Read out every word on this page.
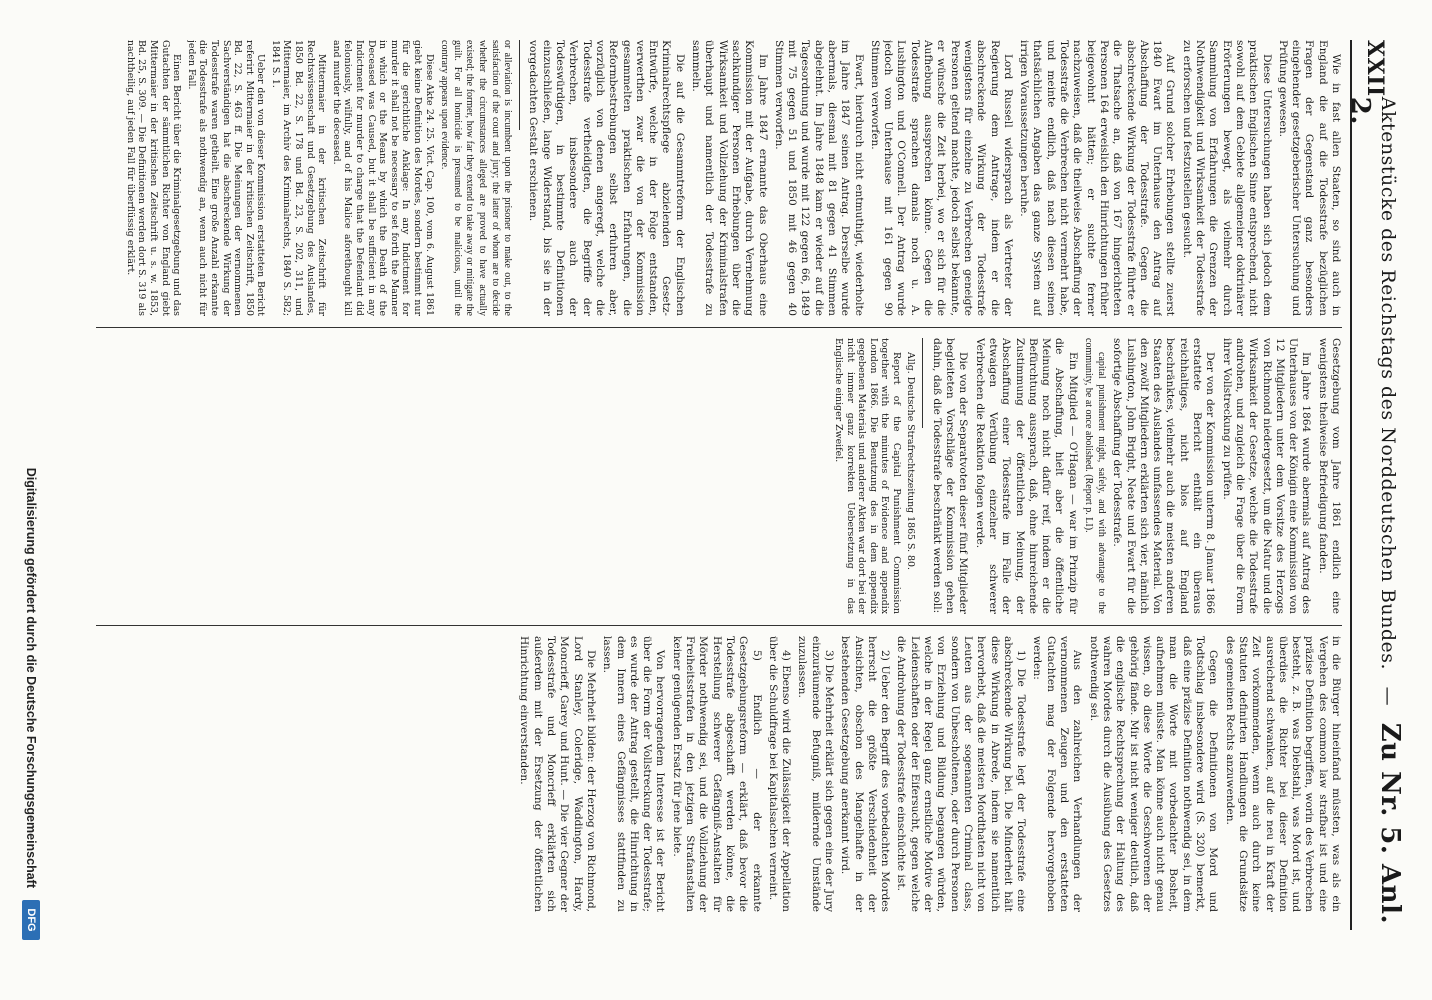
XXII
Aktenstücke des Reichstags des Norddeutschen Bundes. — Zu Nr. 5. Anl. 2.

Wie in fast allen Staaten, so sind auch in England die auf die Todesstrafe bezüglichen Fragen der Gegenstand ganz besonders eingehender gesetzgeberischer Untersuchung und Prüfung gewesen.

Diese Untersuchungen haben sich jedoch dem praktischen Englischen Sinne entsprechend, nicht sowohl auf dem Gebiete allgemeiner doktrinärer Erörterungen bewegt, als vielmehr durch Sammlung von Erfahrungen die Grenzen der Nothwendigkeit und Wirksamkeit der Todesstrafe zu erforschen und festzustellen gesucht.

Auf Grund solcher Erhebungen stellte zuerst 1840 Ewart im Unterhause den Antrag auf Abschaffung der Todesstrafe. Gegen die abschreckende Wirkung der Todesstrafe führte er die Thatsache an, daß von 167 hingerichteten Personen 164 erweislich den Hinrichtungen früher beigewohnt hätten; er suchte ferner nachzuweisen, daß die theilweise Abschaffung der Todesstrafe die Verbrechen nicht vermehrt habe, und meinte endlich, daß nach diesen seinen thatsächlichen Angaben das ganze System auf irrigen Voraussetzungen beruhe.

Lord Russell widersprach als Vertreter der Regierung dem Antrage, indem er die abschreckende Wirkung der Todesstrafe wenigstens für einzelne zu Verbrechen geneigte Personen geltend machte, jedoch selbst bekannte, er wünsche die Zeit herbei, wo er sich für die Aufhebung aussprechen könne. Gegen die Todesstrafe sprachen damals noch u. A. Lushington und O'Connell. Der Antrag wurde jedoch vom Unterhause mit 161 gegen 90 Stimmen verworfen.

Ewart, hierdurch nicht entmuthigt, wiederholte im Jahre 1847 seinen Antrag. Derselbe wurde abermals, diesmal mit 81 gegen 41 Stimmen abgelehnt. Im Jahre 1848 kam er wieder auf die Tagesordnung und wurde mit 122 gegen 66, 1849 mit 75 gegen 51 und 1850 mit 46 gegen 40 Stimmen verworfen.

Im Jahre 1847 ernannte das Oberhaus eine Kommission mit der Aufgabe, durch Vernehmung sachkundiger Personen Erhebungen über die Wirksamkeit und Vollziehung der Kriminalstrafen überhaupt und namentlich der Todesstrafe zu sammeln.

Die auf die Gesammtreform der Englischen Kriminalrechtspflege abzielenden Gesetz-Entwürfe, welche in der Folge entstanden, verwerthen zwar die von der Kommission gesammelten praktischen Erfahrungen, die Reformbestrebungen selbst erfuhren aber, vorzüglich von denen angeregt, welche die Todesstrafe vertheidigten, die Begriffe der Verbrechen, insbesondere auch der Todeswürdigen, in bestimmte Definitionen einzuschließen, lange Widerstand, bis sie in der vorgedachten Gestalt erschienen.

or alleviation is incumbent upon the prisoner to make out, to the satisfaction of the court and jury; the latter of whom are to decide whether the circumstances alleged are proved to have actually existed; the former, how far they extend to take away or mitigate the guilt. For all homicide is presumed to be malicious, until the contrary appears upon evidence.

Diese Akte 24. 25. Vict. Cap. 100, vom 6. August 1861 giebt keine Definition des Mordes, sondern bestimmt nur für die gerichtliche Anklage: In any Indictment for murder it shall not be necessary to set forth the Manner in which or the Means by which the Death of the Deceased was Caused, but it shall be sufficient in any Indictment for murder to charge that the Defendant did feloniously, wilfully, and of his Malice aforethought kill and murder the deceased.

Mittermaier in der kritischen Zeitschrift für Rechtswissenschaft und Gesetzgebung des Auslandes, 1850 Bd. 22, S. 178 und Bd. 23, S. 202, 311, und Mittermaier, im Archiv des Kriminalrechts, 1840 S. 582; 1841 S. 1.

Ueber den von dieser Kommission erstatteten Bericht referirt Mittermaier in der kritischen Zeitschrift, 1850 Bd. 22, S. 463 ff. Die Meinungen der vernommenen Sachverständigen hat die abschreckende Wirkung der Todesstrafe waren getheilt. Eine große Anzahl erkannte die Todesstrafe als nothwendig an, wenn auch nicht für jeden Fall.

Einen Bericht über die Kriminalgesetzgebung und das Gutachten der sämmtlichen Richter von England giebt Mittermaier in der kritischen Zeitschrift u. s. w. 1853, Bd. 25, S. 309. — Die Definitionen werden dort S. 319 als nachtheilig, auf jeden Fall für überflüssig erklärt.

Gesetzgebung vom Jahre 1861 endlich eine wenigstens theilweise Befriedigung fanden.

Im Jahre 1864 wurde abermals auf Antrag des Unterhauses von der Königin eine Kommission von 12 Mitgliedern unter dem Vorsitze des Herzogs von Richmond niedergesetzt, um die Natur und die Wirksamkeit der Gesetze, welche die Todesstrafe androhen, und zugleich die Frage über die Form ihrer Vollstreckung zu prüfen.

Der von der Kommission unterm 8. Januar 1866 erstattete Bericht enthält ein überaus reichhaltiges, nicht blos auf England beschränktes, vielmehr auch die meisten anderen Staaten des Auslandes umfassendes Material. Von den zwölf Mitgliedern erklärten sich vier, nämlich Lushington, John Bright, Neate und Ewart für die sofortige Abschaffung der Todesstrafe.

capital punishment might, safely, and with advantage to the community, be at once abolished. (Report p. LI).

Ein Mitglied — O'Hagan — war im Prinzip für die Abschaffung, hielt aber die öffentliche Meinung noch nicht dafür reif, indem er die Befürchtung aussprach, daß, ohne hinreichende Zustimmung der öffentlichen Meinung, der Abschaffung einer Todesstrafe im Falle der etwaigen Verübung einzelner schwerer Verbrechen die Reaktion folgen werde.

Die von der Separatvoten dieser fünf Mitglieder begleiteten Vorschläge der Kommission gehen dahin, daß die Todesstrafe beschränkt werden soll:

Allg. Deutsche Strafrechtszeitung 1865 S. 80.

Report of the Capital Punishment Commission together with the minutes of Evidence and appendix London 1866. Die Benutzung des in dem appendix gegebenen Materials und anderer Akten war dort bei der nicht immer ganz korrekten Uebersetzung in das Englische einiger Zweifel.

in die Bürger hineinfand müssten, was als ein Vergehen des common law strafbar ist und eine präzise Definition begriffen, worin des Verbrechen besteht, z. B. was Diebstahl, was Mord ist, und überdies die Richter bei dieser Definition ausreichend schwanken, auf die neu in Kraft der Zeit vorkommenden, wenn auch durch keine Statuten definirten Handlungen die Grundsätze des gemeinen Rechts anzuwenden.

Gegen die Definitionen von Mord und Todtschlag insbesondere wird (S. 320) bemerkt, daß eine präzise Definition nothwendig sei, in dem man die Worte mit vorbedachter Bosheit, aufnehmen müsste. Man könne auch nicht genau wissen, ob diese Worte die Geschworenen der gehörig fände. Mir ist nicht weniger deutlich, daß die englische Rechtsprechung der Haltung des wahren Mordes durch die Ausübung des Gesetzes nothwendig sei.

Aus den zahlreichen Verhandlungen der vernommenen Zeugen und den erstatteten Gutachten mag der Folgende hervorgehoben werden:

1) Die Todesstrafe legt der Todesstrafe eine abschreckende Wirkung bei. Die Minderheit hält diese Wirkung in Abrede, indem sie namentlich hervorhebt, daß die meisten Mordthaten nicht von Leuten aus der sogenannten Criminal class, sondern von Unbescholtenen, oder durch Personen von Erziehung und Bildung begangen würden, welche in der Regel ganz ernstliche Motive der Leidenschaften oder der Eifersucht, gegen welche die Androhung der Todesstrafe einschüchte ist.

2) Ueber den Begriff des vorbedachten Mordes herrscht die größte Verschiedenheit der Ansichten, obschon des Mangelhafte in der bestehenden Gesetzgebung anerkannt wird.

3) Die Mehrheit erklärt sich gegen eine der Jury einzuräumende Befugniß, mildernde Umstände zuzulassen.

4) Ebenso wird die Zulässigkeit der Appellation über die Schuldfrage bei Kapitalsachen verneint.

5) Endlich — der erkannte Gesetzgebungsreform — erklärt, daß bevor die Todesstrafe abgeschafft werden könne, die Herstellung schwerer Gefängniß-Anstalten für Mörder nothwendig sei, und die Vollziehung der Freiheitsstrafen in den jetzigen Strafanstalten keiner genügenden Ersatz für jene biete.

Von hervorragendem Interesse ist der Bericht über die Form der Vollstreckung der Todesstrafe; es wurde der Antrag gestellt, die Hinrichtung in dem Innern eines Gefängnisses stattfinden zu lassen.

Die Mehrheit bilden: der Herzog von Richmond, Lord Stanley, Coleridge, Waddington, Hardy, Moncrieff, Garey und Hunt. — Die vier Gegner der Todesstrafe und Moncrieff erklärten sich außerdem mit der Ersetzung der öffentlichen Hinrichtung einverstanden.

Digitalisierung gefördert durch die Deutsche Forschungsgemeinschaft
DFG
